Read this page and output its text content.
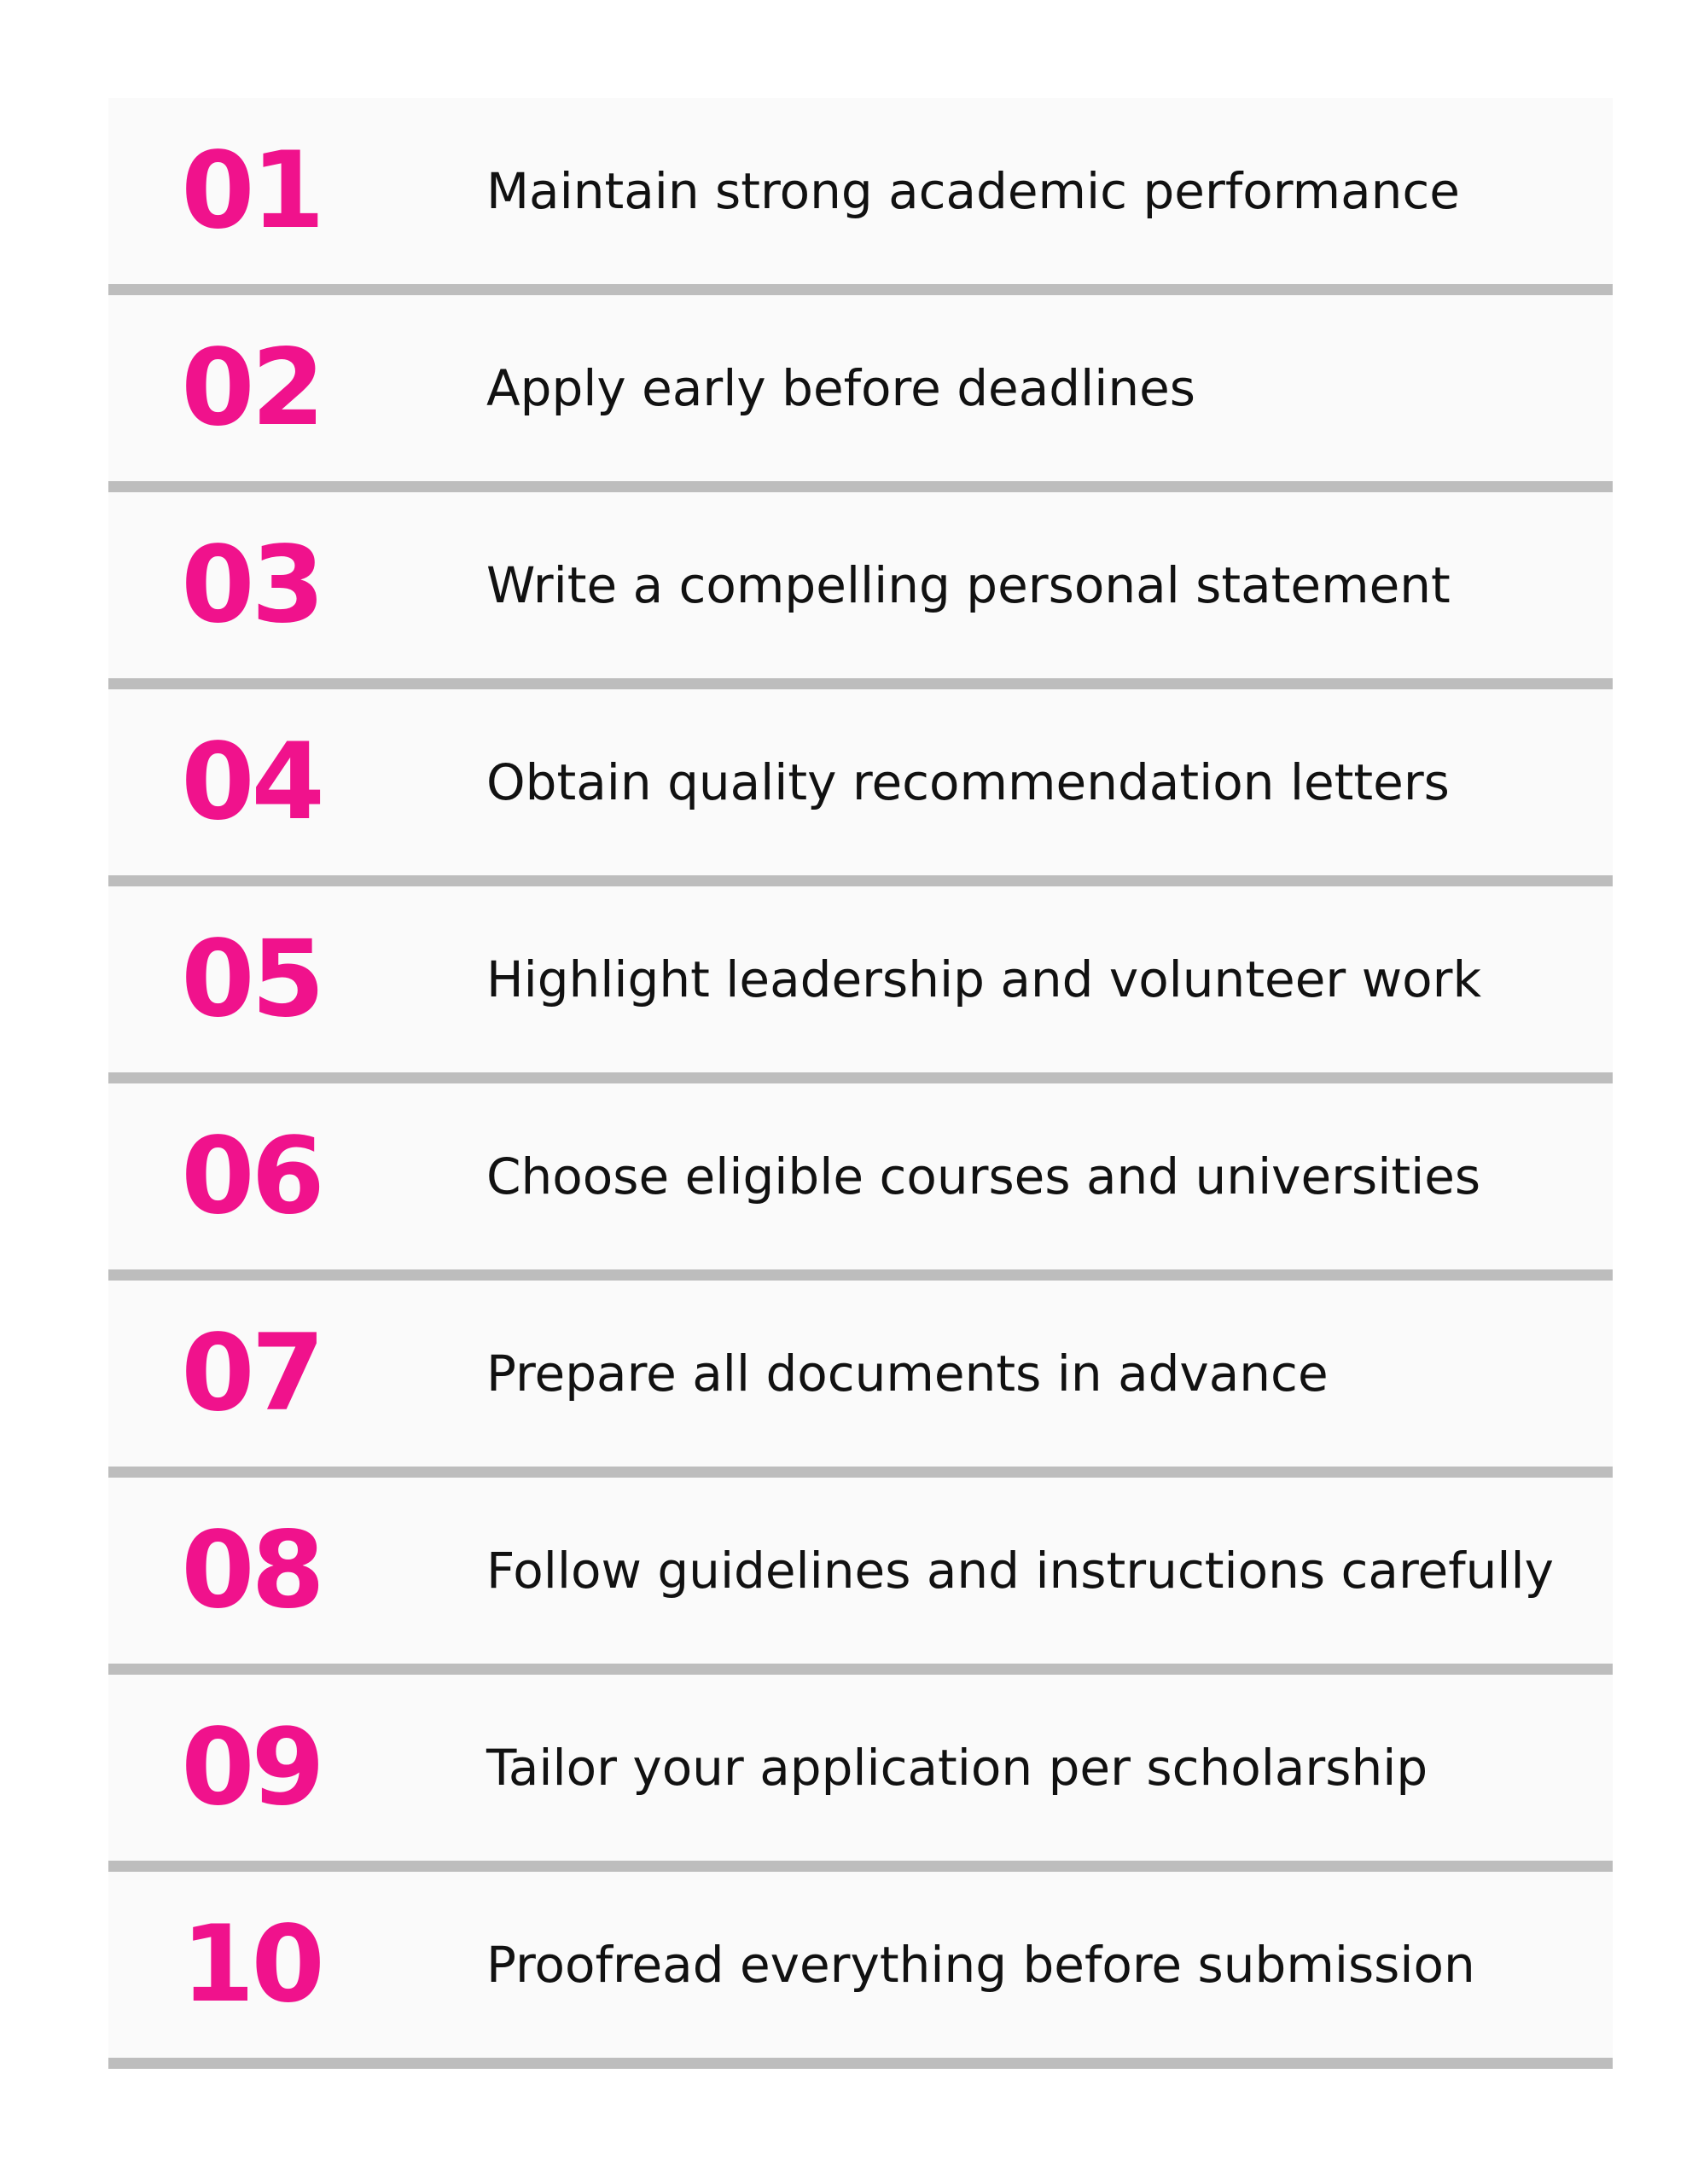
01	Maintain strong academic performance
02	Apply early before deadlines
03	Write a compelling personal statement
04	Obtain quality recommendation letters
05	Highlight leadership and volunteer work
06	Choose eligible courses and universities
07	Prepare all documents in advance
08	Follow guidelines and instructions carefully
09	Tailor your application per scholarship
10	Proofread everything before submission
